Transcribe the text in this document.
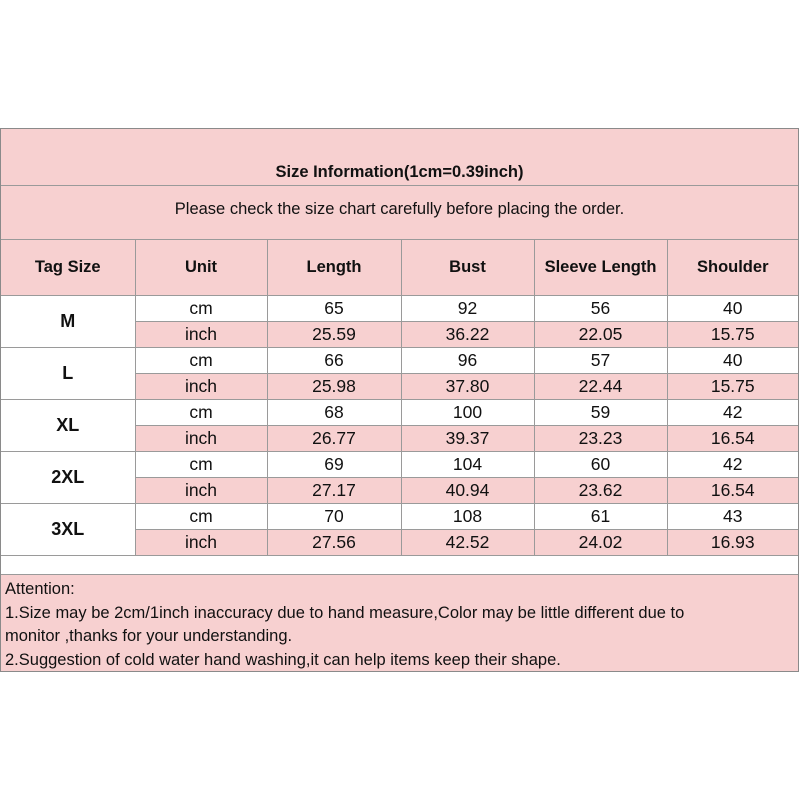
Size Information(1cm=0.39inch)
Please check the size chart carefully before placing the order.
Tag Size	Unit	Length	Bust	Sleeve Length	Shoulder
M	cm	65	92	56	40
	inch	25.59	36.22	22.05	15.75
L	cm	66	96	57	40
	inch	25.98	37.80	22.44	15.75
XL	cm	68	100	59	42
	inch	26.77	39.37	23.23	16.54
2XL	cm	69	104	60	42
	inch	27.17	40.94	23.62	16.54
3XL	cm	70	108	61	43
	inch	27.56	42.52	24.02	16.93
Attention:
1.Size may be 2cm/1inch inaccuracy due to hand measure,Color may be little different due to
monitor ,thanks for your understanding.
2.Suggestion of cold water hand washing,it can help items keep their shape.
